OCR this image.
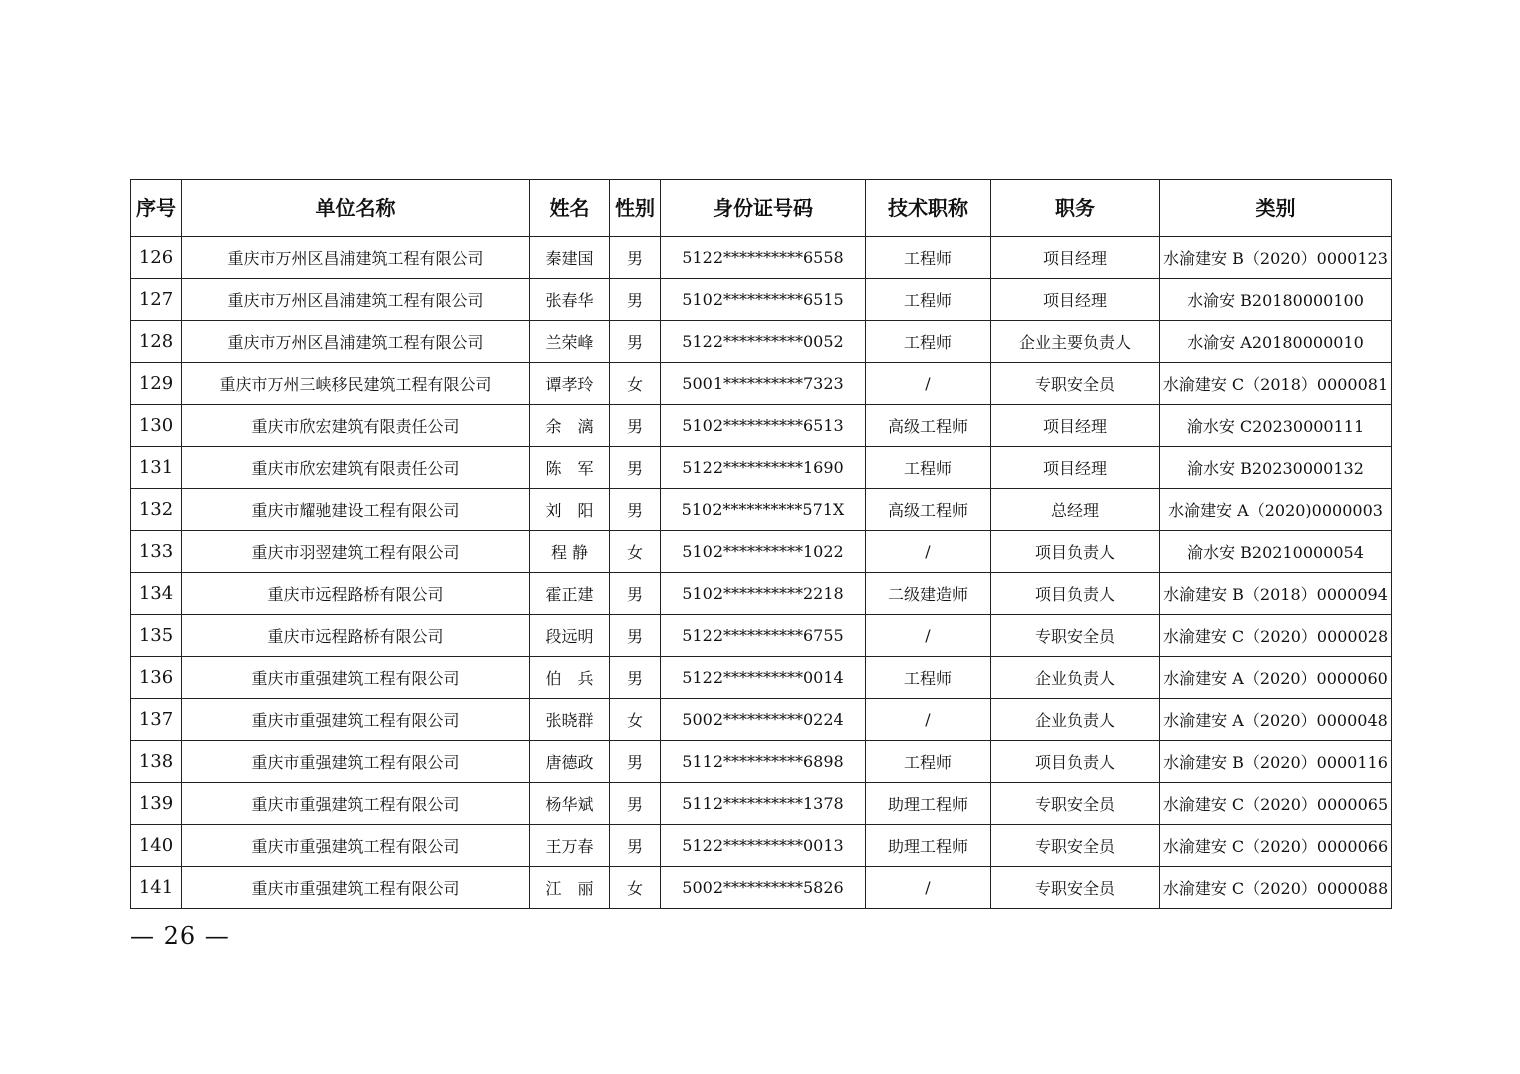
序号	单位名称	姓名	性别	身份证号码	技术职称	职务	类别
126	重庆市万州区昌浦建筑工程有限公司	秦建国	男	5122**********6558	工程师	项目经理	水渝建安 B（2020）0000123
127	重庆市万州区昌浦建筑工程有限公司	张春华	男	5102**********6515	工程师	项目经理	水渝安 B20180000100
128	重庆市万州区昌浦建筑工程有限公司	兰荣峰	男	5122**********0052	工程师	企业主要负责人	水渝安 A20180000010
129	重庆市万州三峡移民建筑工程有限公司	谭孝玲	女	5001**********7323	/	专职安全员	水渝建安 C（2018）0000081
130	重庆市欣宏建筑有限责任公司	余　漓	男	5102**********6513	高级工程师	项目经理	渝水安 C20230000111
131	重庆市欣宏建筑有限责任公司	陈　军	男	5122**********1690	工程师	项目经理	渝水安 B20230000132
132	重庆市耀驰建设工程有限公司	刘　阳	男	5102**********571X	高级工程师	总经理	水渝建安 A（2020)0000003
133	重庆市羽翌建筑工程有限公司	程 静	女	5102**********1022	/	项目负责人	渝水安 B20210000054
134	重庆市远程路桥有限公司	霍正建	男	5102**********2218	二级建造师	项目负责人	水渝建安 B（2018）0000094
135	重庆市远程路桥有限公司	段远明	男	5122**********6755	/	专职安全员	水渝建安 C（2020）0000028
136	重庆市重强建筑工程有限公司	伯　兵	男	5122**********0014	工程师	企业负责人	水渝建安 A（2020）0000060
137	重庆市重强建筑工程有限公司	张晓群	女	5002**********0224	/	企业负责人	水渝建安 A（2020）0000048
138	重庆市重强建筑工程有限公司	唐德政	男	5112**********6898	工程师	项目负责人	水渝建安 B（2020）0000116
139	重庆市重强建筑工程有限公司	杨华斌	男	5112**********1378	助理工程师	专职安全员	水渝建安 C（2020）0000065
140	重庆市重强建筑工程有限公司	王万春	男	5122**********0013	助理工程师	专职安全员	水渝建安 C（2020）0000066
141	重庆市重强建筑工程有限公司	江　丽	女	5002**********5826	/	专职安全员	水渝建安 C（2020）0000088
— 26 —
